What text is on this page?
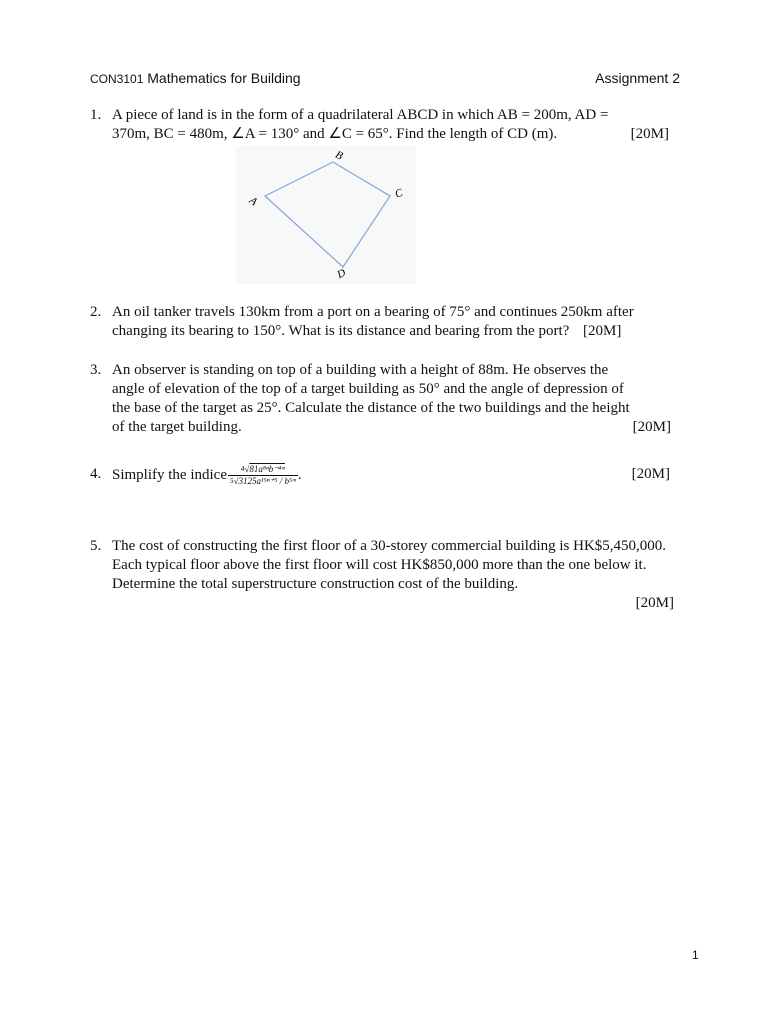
CON3101 Mathematics for Building	Assignment 2
1. A piece of land is in the form of a quadrilateral ABCD in which AB = 200m, AD =
370m, BC = 480m, ∠A = 130° and ∠C = 65°. Find the length of CD (m).	[20M]
A
B
C
D
2. An oil tanker travels 130km from a port on a bearing of 75° and continues 250km after
changing its bearing to 150°. What is its distance and bearing from the port? [20M]
3. An observer is standing on top of a building with a height of 88m. He observes the
angle of elevation of the top of a target building as 50° and the angle of depression of
the base of the target as 25°. Calculate the distance of the two buildings and the height
of the target building.	[20M]
4. Simplify the indice $\frac{^4√81a^{8n}b^{-4}ᵐ}{^5√3125a^{15n+5} / b^5ᵐ}$ .	[20M]
5. The cost of constructing the first floor of a 30-storey commercial building is HK$5,450,000.
Each typical floor above the first floor will cost HK$850,000 more than the one below it.
Determine the total superstructure construction cost of the building.
[20M]
1
